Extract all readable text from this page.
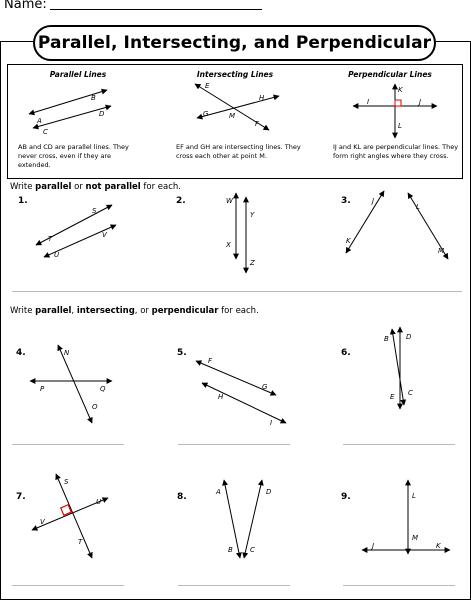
Name:
Parallel, Intersecting, and Perpendicular
Parallel Lines	Intersecting Lines	Perpendicular Lines
A
B
C
D
E
F
G
H
M
I	J
K
L
AB and CD are parallel lines. They never cross, even if they are extended.
EF and GH are intersecting lines. They cross each other at point M.
IJ and KL are perpendicular lines. They form right angles where they cross.
Write parallel or not parallel for each.
1.	2.	3.
S
T
U
V
W
Y
X
Z
J
L
K
M
Write parallel, intersecting, or perpendicular for each.
4.	5.	6.
N
P	Q
O
F
G
H
I
B D
E C
7.	8.	9.
S
U
V
T
A	D
B C
L
M
J	K
